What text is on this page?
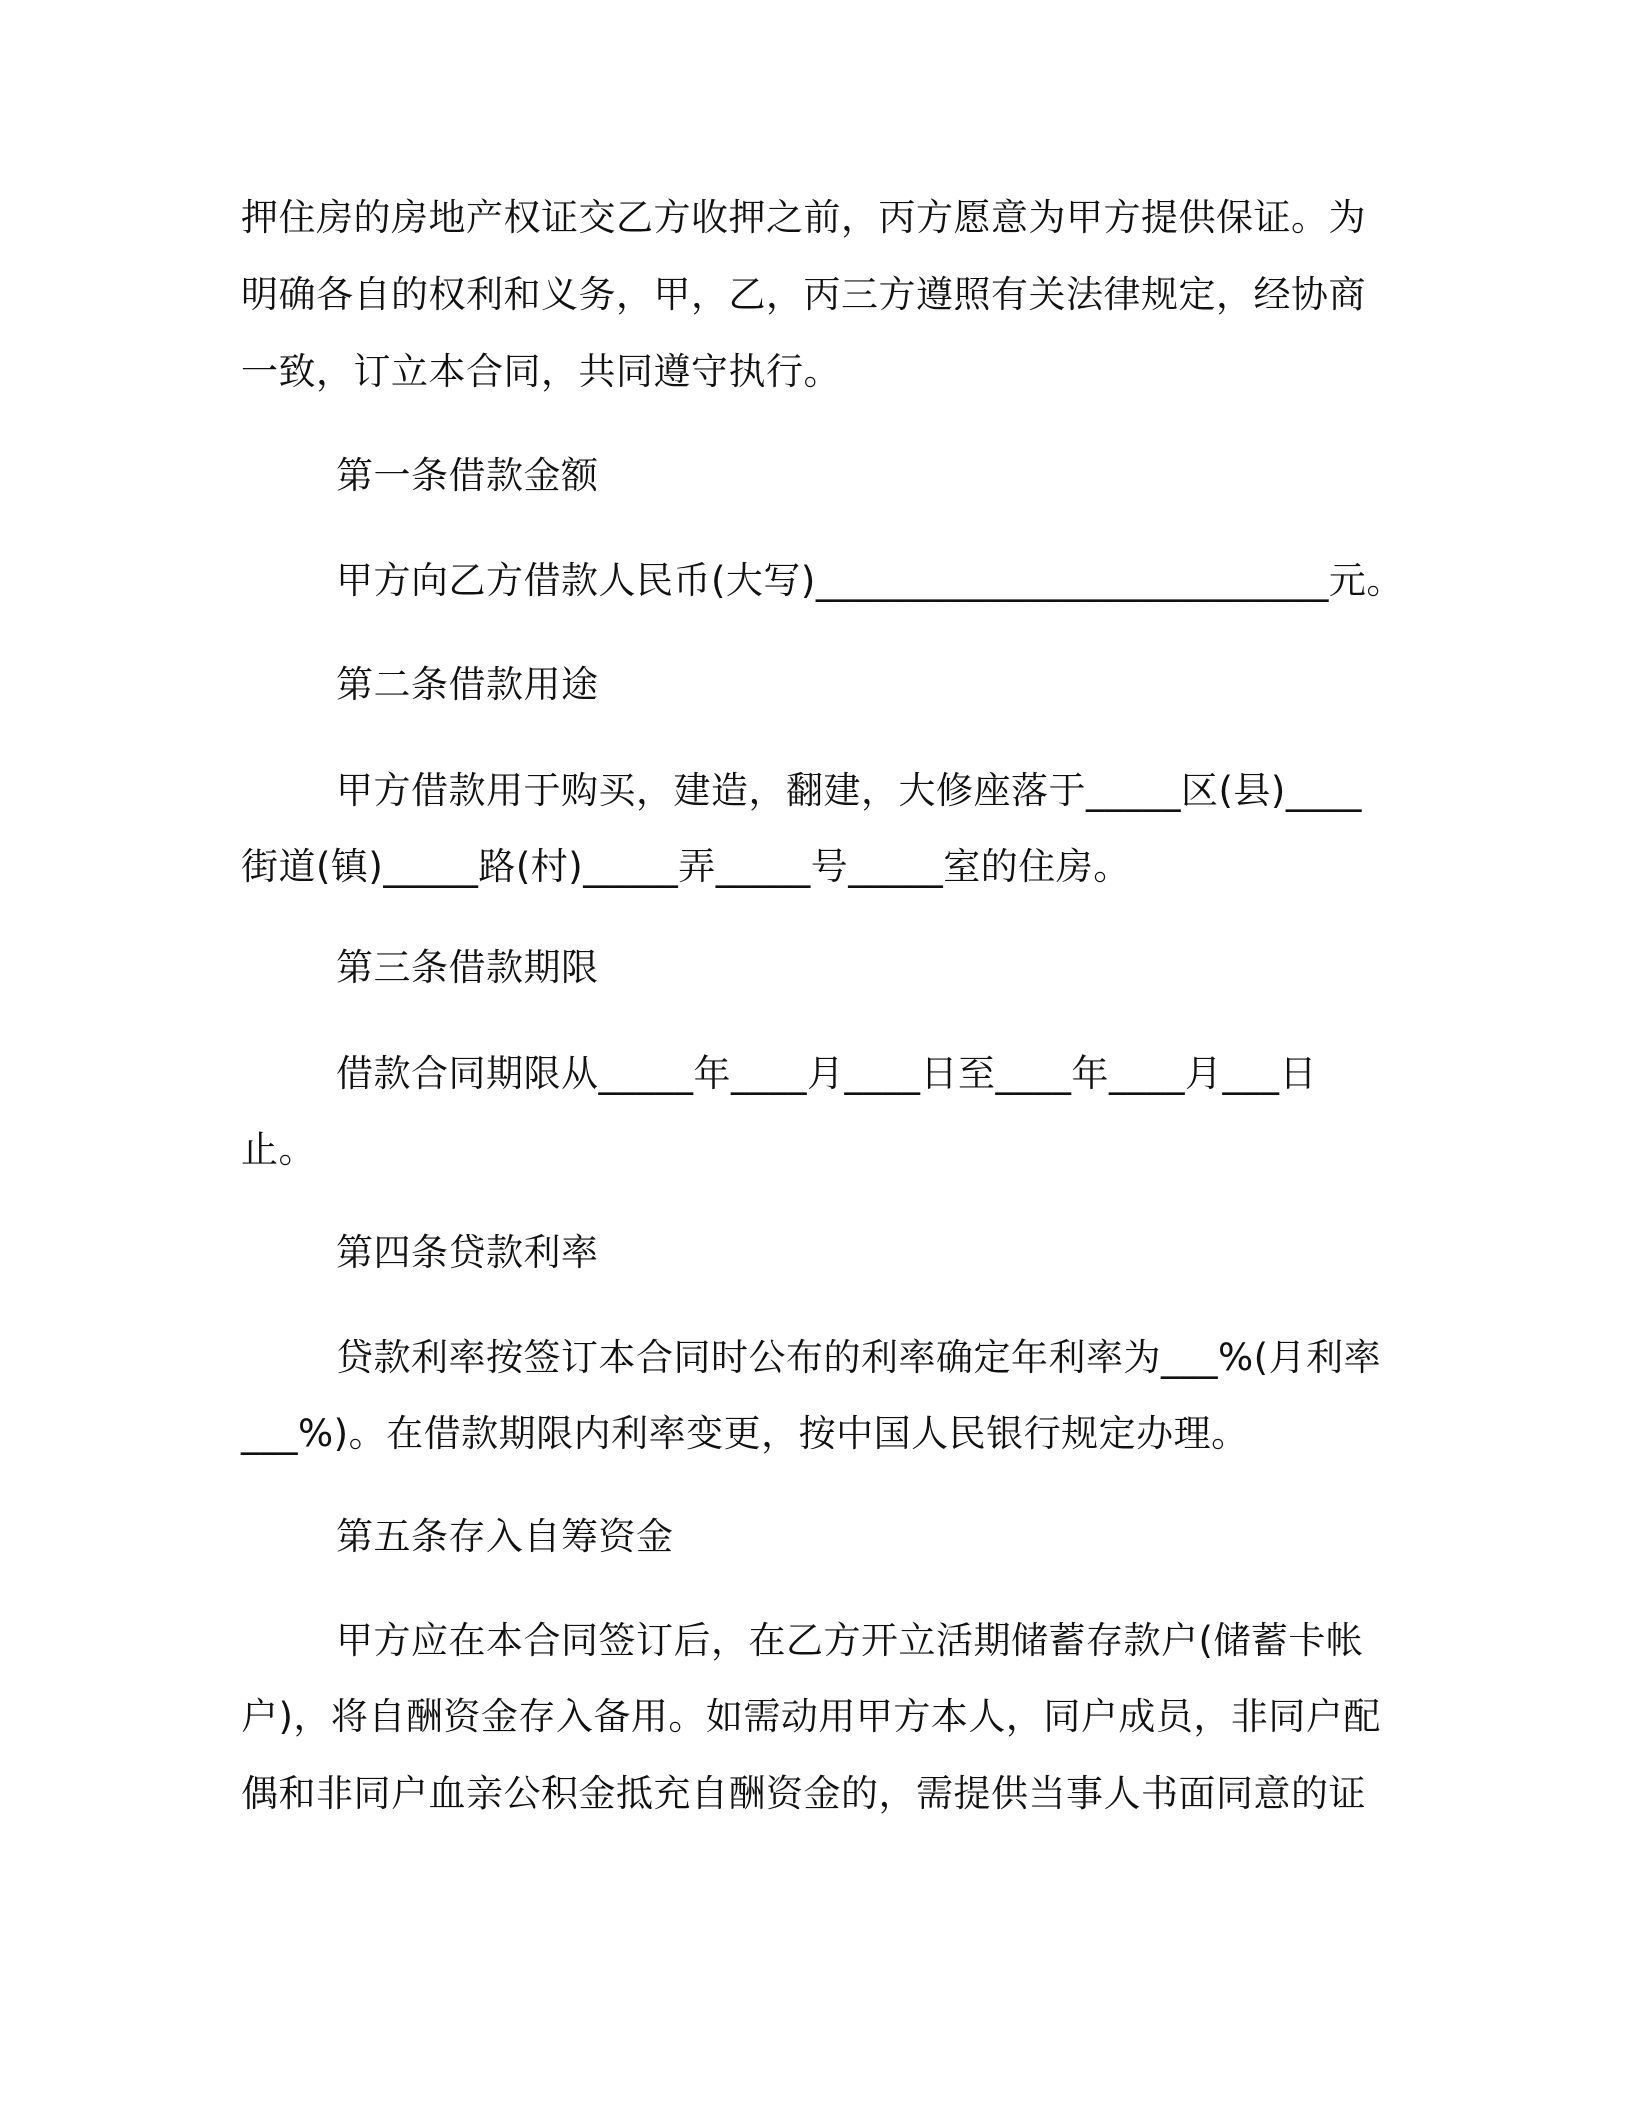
押住房的房地产权证交乙方收押之前，丙方愿意为甲方提供保证。为
明确各自的权利和义务，甲，乙，丙三方遵照有关法律规定，经协商
一致，订立本合同，共同遵守执行。
第一条借款金额
甲方向乙方借款人民币(大写)___________________________元。
第二条借款用途
甲方借款用于购买，建造，翻建，大修座落于_____区(县)____
街道(镇)_____路(村)_____弄_____号_____室的住房。
第三条借款期限
借款合同期限从_____年____月____日至____年____月___日
止。
第四条贷款利率
贷款利率按签订本合同时公布的利率确定年利率为___%(月利率
___%)。在借款期限内利率变更，按中国人民银行规定办理。
第五条存入自筹资金
甲方应在本合同签订后，在乙方开立活期储蓄存款户(储蓄卡帐
户)，将自酬资金存入备用。如需动用甲方本人，同户成员，非同户配
偶和非同户血亲公积金抵充自酬资金的，需提供当事人书面同意的证
